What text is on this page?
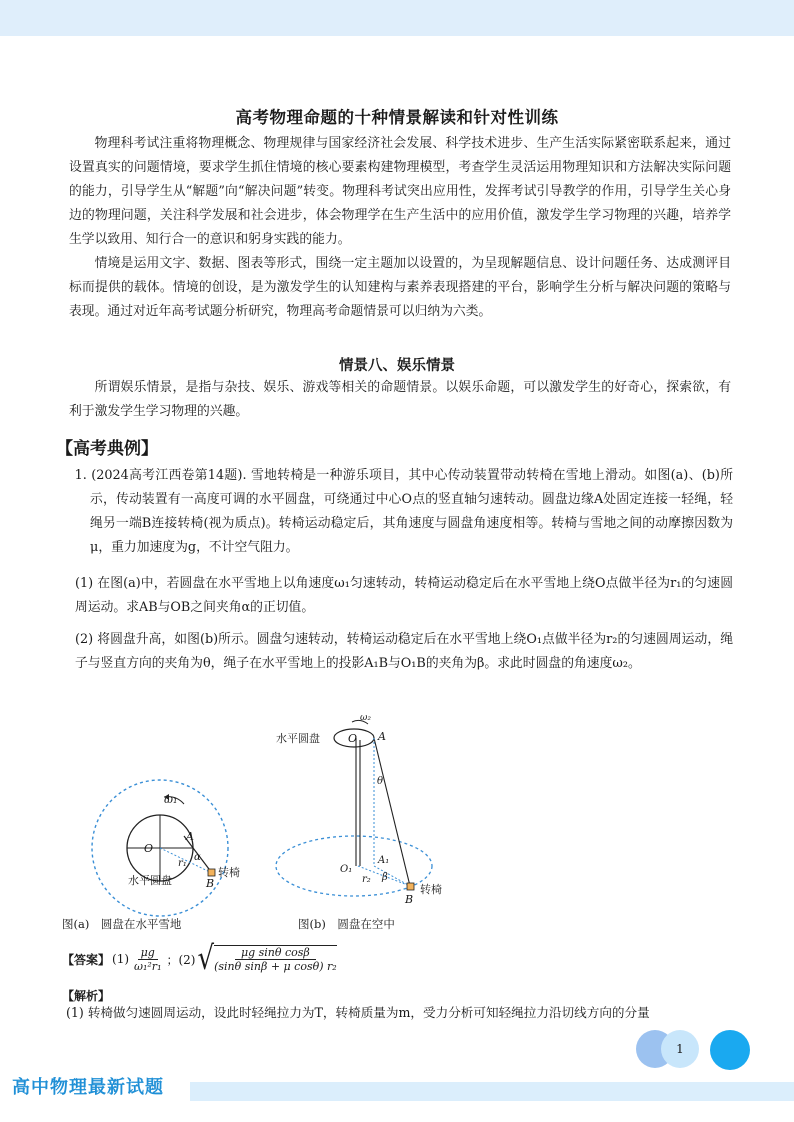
高考物理命题的十种情景解读和针对性训练

物理科考试注重将物理概念、物理规律与国家经济社会发展、科学技术进步、生产生活实际紧密联系起来，通过设置真实的问题情境，要求学生抓住情境的核心要素构建物理模型，考查学生灵活运用物理知识和方法解决实际问题的能力，引导学生从“解题”向“解决问题”转变。物理科考试突出应用性，发挥考试引导教学的作用，引导学生关心身边的物理问题，关注科学发展和社会进步，体会物理学在生产生活中的应用价值，激发学生学习物理的兴趣，培养学生学以致用、知行合一的意识和躬身实践的能力。

情境是运用文字、数据、图表等形式，围绕一定主题加以设置的，为呈现解题信息、设计问题任务、达成测评目标而提供的载体。情境的创设，是为激发学生的认知建构与素养表现搭建的平台，影响学生分析与解决问题的策略与表现。通过对近年高考试题分析研究，物理高考命题情景可以归纳为六类。

情景八、娱乐情景

所谓娱乐情景，是指与杂技、娱乐、游戏等相关的命题情景。以娱乐命题，可以激发学生的好奇心，探索欲，有利于激发学生学习物理的兴趣。

【高考典例】

1. (2024高考江西卷第14题). 雪地转椅是一种游乐项目，其中心传动装置带动转椅在雪地上滑动。如图(a)、(b)所示，传动装置有一高度可调的水平圆盘，可绕通过中心O点的竖直轴匀速转动。圆盘边缘A处固定连接一轻绳，轻绳另一端B连接转椅(视为质点)。转椅运动稳定后，其角速度与圆盘角速度相等。转椅与雪地之间的动摩擦因数为μ，重力加速度为g，不计空气阻力。

(1) 在图(a)中，若圆盘在水平雪地上以角速度ω₁匀速转动，转椅运动稳定后在水平雪地上绕O点做半径为r₁的匀速圆周运动。求AB与OB之间夹角α的正切值。

(2) 将圆盘升高，如图(b)所示。圆盘匀速转动，转椅运动稳定后在水平雪地上绕O₁点做半径为r₂的匀速圆周运动，绳子与竖直方向的夹角为θ，绳子在水平雪地上的投影A₁B与O₁B的夹角为β。求此时圆盘的角速度ω₂。

ω₁
O
A
r₁
α
B
转椅
水平圆盘
图(a)　圆盘在水平雪地
ω₂
O A
水平圆盘
θ
O₁
A₁
r₂ β
B
转椅
图(b)　圆盘在空中
【答案】 $(1) \frac{\mu g}{\text{ω₁²r₁}}$ ；(2) √ $\frac{\text{μg sinθ cosβ}}{\text{(sinθ sinβ + μ cosθ) r₂}}$
【解析】

(1) 转椅做匀速圆周运动，设此时轻绳拉力为T，转椅质量为m，受力分析可知轻绳拉力沿切线方向的分量

1
高中物理最新试题
